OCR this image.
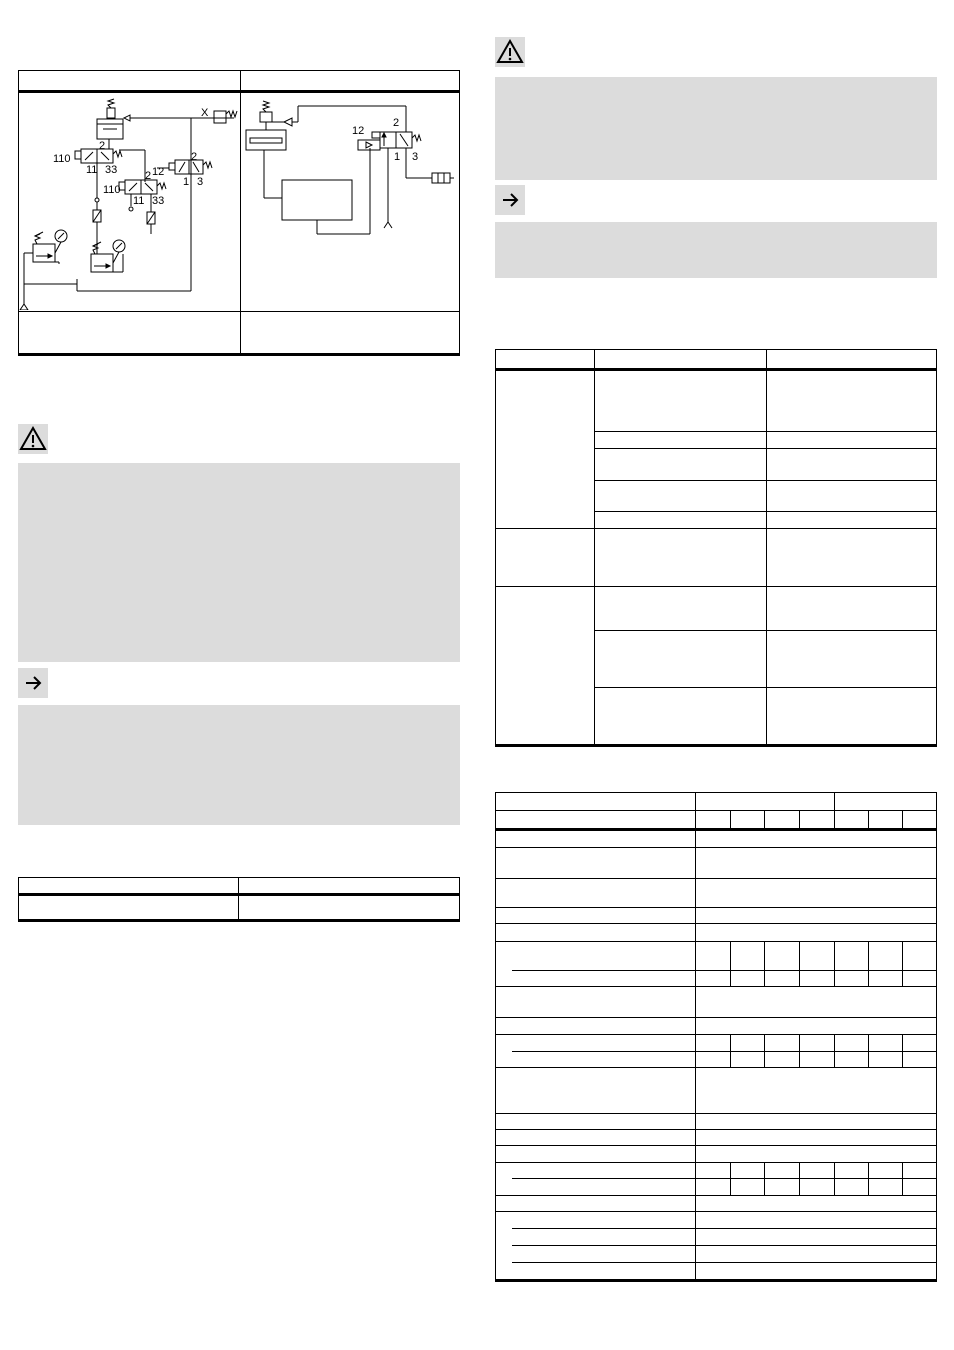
X
2
110
11 33	2
110
11 33
12
2
1 3
12
2
1 3
